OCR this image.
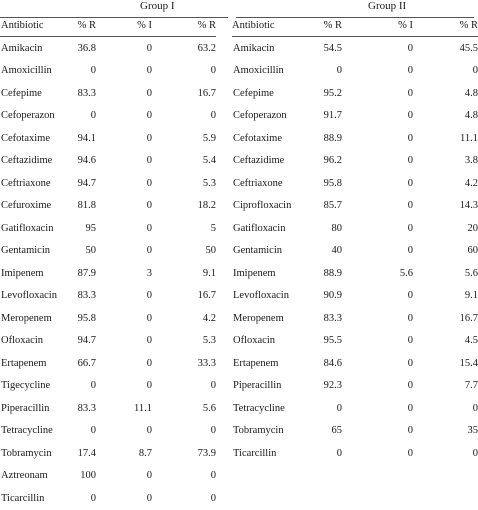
Group I	Group II
Antibiotic	% R	% I	% R		Antibiotic	% R	% I	% R
Amikacin	36.8	0	63.2		Amikacin	54.5	0	45.5
Amoxicillin	0	0	0		Amoxicillin	0	0	0
Cefepime	83.3	0	16.7		Cefepime	95.2	0	4.8
Cefoperazon	0	0	0		Cefoperazon	91.7	0	4.8
Cefotaxime	94.1	0	5.9		Cefotaxime	88.9	0	11.1
Ceftazidime	94.6	0	5.4		Ceftazidime	96.2	0	3.8
Ceftriaxone	94.7	0	5.3		Ceftriaxone	95.8	0	4.2
Cefuroxime	81.8	0	18.2		Ciprofloxacin	85.7	0	14.3
Gatifloxacin	95	0	5		Gatifloxacin	80	0	20
Gentamicin	50	0	50		Gentamicin	40	0	60
Imipenem	87.9	3	9.1		Imipenem	88.9	5.6	5.6
Levofloxacin	83.3	0	16.7		Levofloxacin	90.9	0	9.1
Meropenem	95.8	0	4.2		Meropenem	83.3	0	16.7
Ofloxacin	94.7	0	5.3		Ofloxacin	95.5	0	4.5
Ertapenem	66.7	0	33.3		Ertapenem	84.6	0	15.4
Tigecycline	0	0	0		Piperacillin	92.3	0	7.7
Piperacillin	83.3	11.1	5.6		Tetracycline	0	0	0
Tetracycline	0	0	0		Tobramycin	65	0	35
Tobramycin	17.4	8.7	73.9		Ticarcillin	0	0	0
Aztreonam	100	0	0					
Ticarcillin	0	0	0					
